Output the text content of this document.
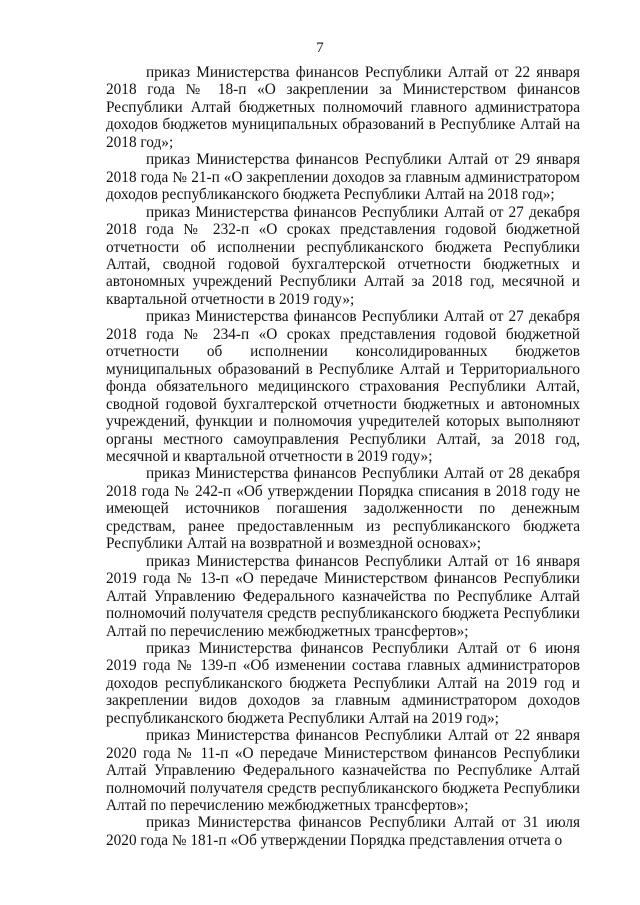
7

приказ Министерства финансов Республики Алтай от 22 января 2018 года № 18-п «О закреплении за Министерством финансов Республики Алтай бюджетных полномочий главного администратора доходов бюджетов муниципальных образований в Республике Алтай на 2018 год»;

приказ Министерства финансов Республики Алтай от 29 января 2018 года № 21-п «О закреплении доходов за главным администратором доходов республиканского бюджета Республики Алтай на 2018 год»;

приказ Министерства финансов Республики Алтай от 27 декабря 2018 года № 232-п «О сроках представления годовой бюджетной отчетности об исполнении республиканского бюджета Республики Алтай, сводной годовой бухгалтерской отчетности бюджетных и автономных учреждений Республики Алтай за 2018 год, месячной и квартальной отчетности в 2019 году»;

приказ Министерства финансов Республики Алтай от 27 декабря 2018 года № 234-п «О сроках представления годовой бюджетной отчетности об исполнении консолидированных бюджетов муниципальных образований в Республике Алтай и Территориального фонда обязательного медицинского страхования Республики Алтай, сводной годовой бухгалтерской отчетности бюджетных и автономных учреждений, функции и полномочия учредителей которых выполняют органы местного самоуправления Республики Алтай, за 2018 год, месячной и квартальной отчетности в 2019 году»;

приказ Министерства финансов Республики Алтай от 28 декабря 2018 года № 242-п «Об утверждении Порядка списания в 2018 году не имеющей источников погашения задолженности по денежным средствам, ранее предоставленным из республиканского бюджета Республики Алтай на возвратной и возмездной основах»;

приказ Министерства финансов Республики Алтай от 16 января 2019 года № 13-п «О передаче Министерством финансов Республики Алтай Управлению Федерального казначейства по Республике Алтай полномочий получателя средств республиканского бюджета Республики Алтай по перечислению межбюджетных трансфертов»;

приказ Министерства финансов Республики Алтай от 6 июня 2019 года № 139-п «Об изменении состава главных администраторов доходов республиканского бюджета Республики Алтай на 2019 год и закреплении видов доходов за главным администратором доходов республиканского бюджета Республики Алтай на 2019 год»;

приказ Министерства финансов Республики Алтай от 22 января 2020 года № 11-п «О передаче Министерством финансов Республики Алтай Управлению Федерального казначейства по Республике Алтай полномочий получателя средств республиканского бюджета Республики Алтай по перечислению межбюджетных трансфертов»;

приказ Министерства финансов Республики Алтай от 31 июля 2020 года № 181-п «Об утверждении Порядка представления отчета о
